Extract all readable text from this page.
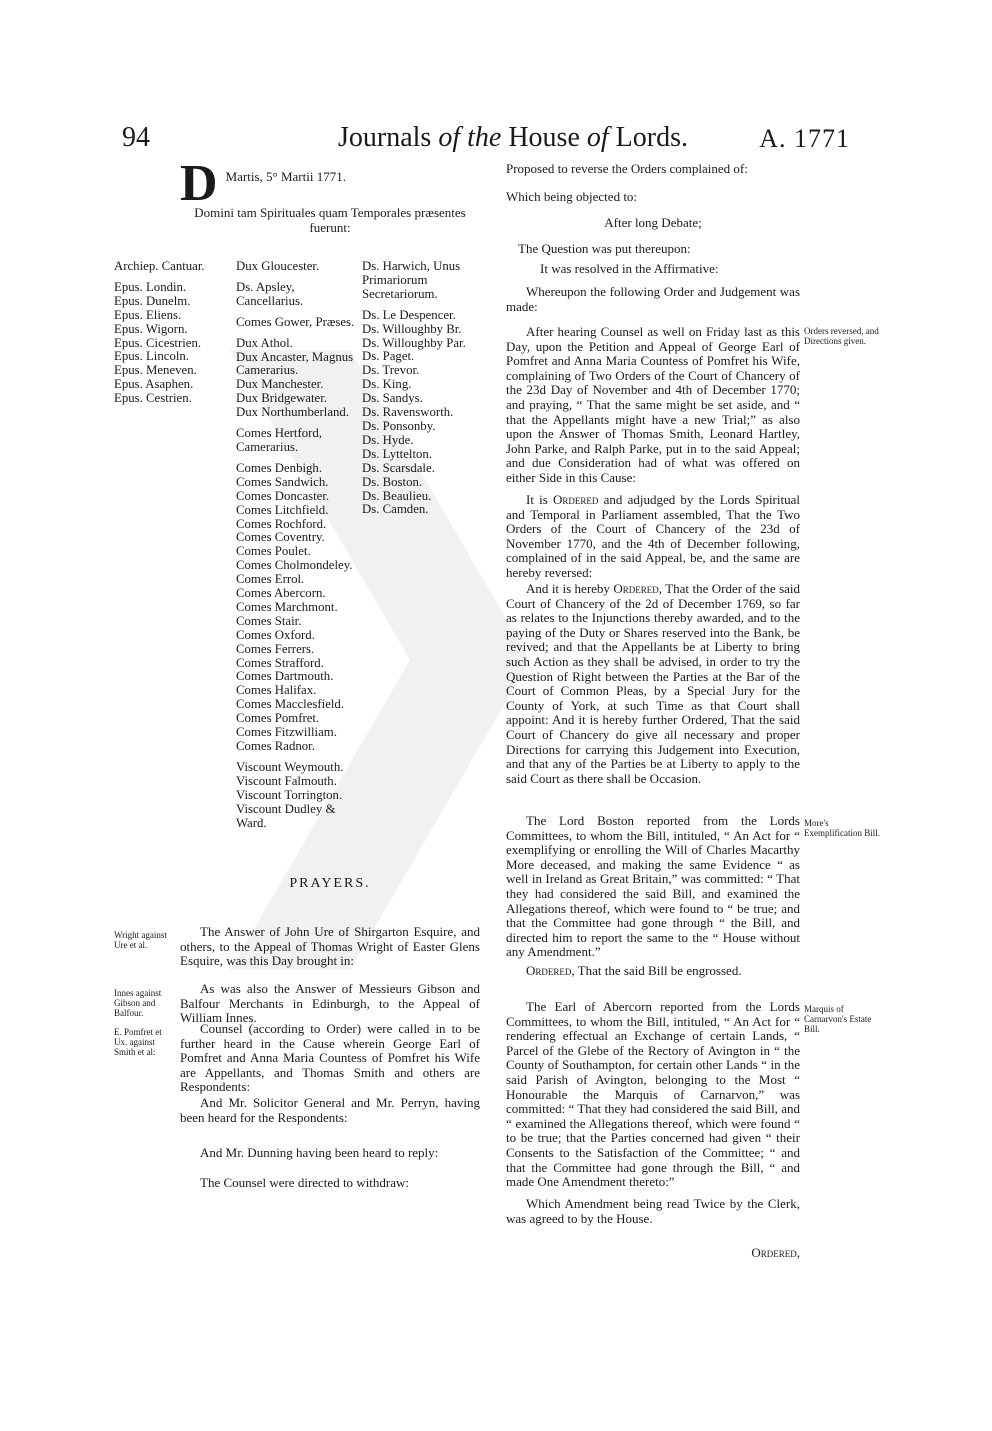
94	Journals of the House of Lords.	A. 1771
D Martis, 5° Martii 1771.

Domini tam Spirituales quam Temporales præsentes fuerunt:

Archiep. Cantuar.
Epus. Londin.
Epus. Dunelm.
Epus. Eliens.
Epus. Wigorn.
Epus. Cicestrien.
Epus. Lincoln.
Epus. Meneven.
Epus. Asaphen.
Epus. Cestrien.
Dux Gloucester.
Ds. Apsley, Cancellarius.
Comes Gower, Præses.
Dux Athol.
Dux Ancaster, Magnus Camerarius.
Dux Manchester.
Dux Bridgewater.
Dux Northumberland.
Comes Hertford, Camerarius.
Comes Denbigh.
Comes Sandwich.
Comes Doncaster.
Comes Litchfield.
Comes Rochford.
Comes Coventry.
Comes Poulet.
Comes Cholmondeley.
Comes Errol.
Comes Abercorn.
Comes Marchmont.
Comes Stair.
Comes Oxford.
Comes Ferrers.
Comes Strafford.
Comes Dartmouth.
Comes Halifax.
Comes Macclesfield.
Comes Pomfret.
Comes Fitzwilliam.
Comes Radnor.
Viscount Weymouth.
Viscount Falmouth.
Viscount Torrington.
Viscount Dudley & Ward.
Ds. Harwich, Unus Primariorum Secretariorum.
Ds. Le Despencer.
Ds. Willoughby Br.
Ds. Willoughby Par.
Ds. Paget.
Ds. Trevor.
Ds. King.
Ds. Sandys.
Ds. Ravensworth.
Ds. Ponsonby.
Ds. Hyde.
Ds. Lyttelton.
Ds. Scarsdale.
Ds. Boston.
Ds. Beaulieu.
Ds. Camden.
PRAYERS.
Wright against Ure et al.

The Answer of John Ure of Shirgarton Esquire, and others, to the Appeal of Thomas Wright of Easter Glens Esquire, was this Day brought in:

Innes against Gibson and Balfour.

As was also the Answer of Messieurs Gibson and Balfour Merchants in Edinburgh, to the Appeal of William Innes.

E. Pomfret et Ux. against Smith et al:

Counsel (according to Order) were called in to be further heard in the Cause wherein George Earl of Pomfret and Anna Maria Countess of Pomfret his Wife are Appellants, and Thomas Smith and others are Respondents:

And Mr. Solicitor General and Mr. Perryn, having been heard for the Respondents:

And Mr. Dunning having been heard to reply:

The Counsel were directed to withdraw:

Proposed to reverse the Orders complained of:

Which being objected to:

After long Debate;

The Question was put thereupon:

It was resolved in the Affirmative:

Whereupon the following Order and Judgement was made:

Orders reversed, and Directions given.

After hearing Counsel as well on Friday last as this Day, upon the Petition and Appeal of George Earl of Pomfret and Anna Maria Countess of Pomfret his Wife, complaining of Two Orders of the Court of Chancery of the 23d Day of November and 4th of December 1770; and praying, “ That the same might be set aside, and “ that the Appellants might have a new Trial;” as also upon the Answer of Thomas Smith, Leonard Hartley, John Parke, and Ralph Parke, put in to the said Appeal; and due Consideration had of what was offered on either Side in this Cause:

It is Ordered and adjudged by the Lords Spiritual and Temporal in Parliament assembled, That the Two Orders of the Court of Chancery of the 23d of November 1770, and the 4th of December following, complained of in the said Appeal, be, and the same are hereby reversed:

And it is hereby Ordered, That the Order of the said Court of Chancery of the 2d of December 1769, so far as relates to the Injunctions thereby awarded, and to the paying of the Duty or Shares reserved into the Bank, be revived; and that the Appellants be at Liberty to bring such Action as they shall be advised, in order to try the Question of Right between the Parties at the Bar of the Court of Common Pleas, by a Special Jury for the County of York, at such Time as that Court shall appoint: And it is hereby further Ordered, That the said Court of Chancery do give all necessary and proper Directions for carrying this Judgement into Execution, and that any of the Parties be at Liberty to apply to the said Court as there shall be Occasion.

More's Exemplification Bill.

The Lord Boston reported from the Lords Committees, to whom the Bill, intituled, “ An Act for “ exemplifying or enrolling the Will of Charles Macarthy More deceased, and making the same Evidence “ as well in Ireland as Great Britain,” was committed: “ That they had considered the said Bill, and examined the Allegations thereof, which were found to “ be true; and that the Committee had gone through “ the Bill, and directed him to report the same to the “ House without any Amendment.”

Ordered, That the said Bill be engrossed.

Marquis of Carnarvon's Estate Bill.

The Earl of Abercorn reported from the Lords Committees, to whom the Bill, intituled, “ An Act for “ rendering effectual an Exchange of certain Lands, “ Parcel of the Glebe of the Rectory of Avington in “ the County of Southampton, for certain other Lands “ in the said Parish of Avington, belonging to the Most “ Honourable the Marquis of Carnarvon,” was committed: “ That they had considered the said Bill, and “ examined the Allegations thereof, which were found “ to be true; that the Parties concerned had given “ their Consents to the Satisfaction of the Committee; “ and that the Committee had gone through the Bill, “ and made One Amendment thereto:”

Which Amendment being read Twice by the Clerk, was agreed to by the House.

Ordered,
